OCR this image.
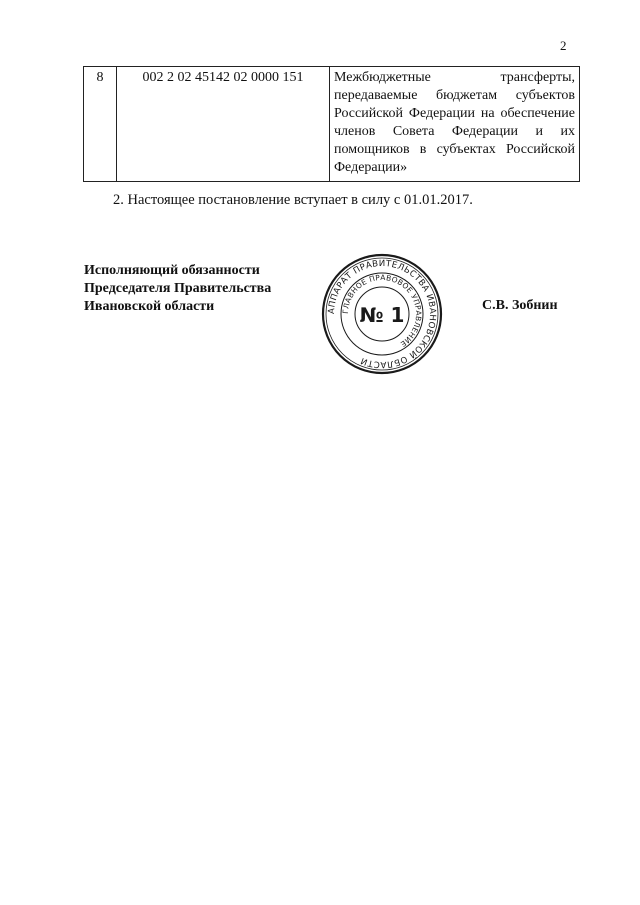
2
8	002 2 02 45142 02 0000 151	Межбюджетные трансферты, передаваемые бюджетам субъектов Российской Федерации на обеспечение членов Совета Федерации и их помощников в субъектах Российской Федерации»
2. Настоящее постановление вступает в силу с 01.01.2017.
Исполняющий обязанности
Председателя Правительства
Ивановской области	АППАРАТ ПРАВИТЕЛЬСТВА ИВАНОВСКОЙ ОБЛАСТИ
ГЛАВНОЕ ПРАВОВОЕ УПРАВЛЕНИЕ
№ 1	С.В. Зобнин
